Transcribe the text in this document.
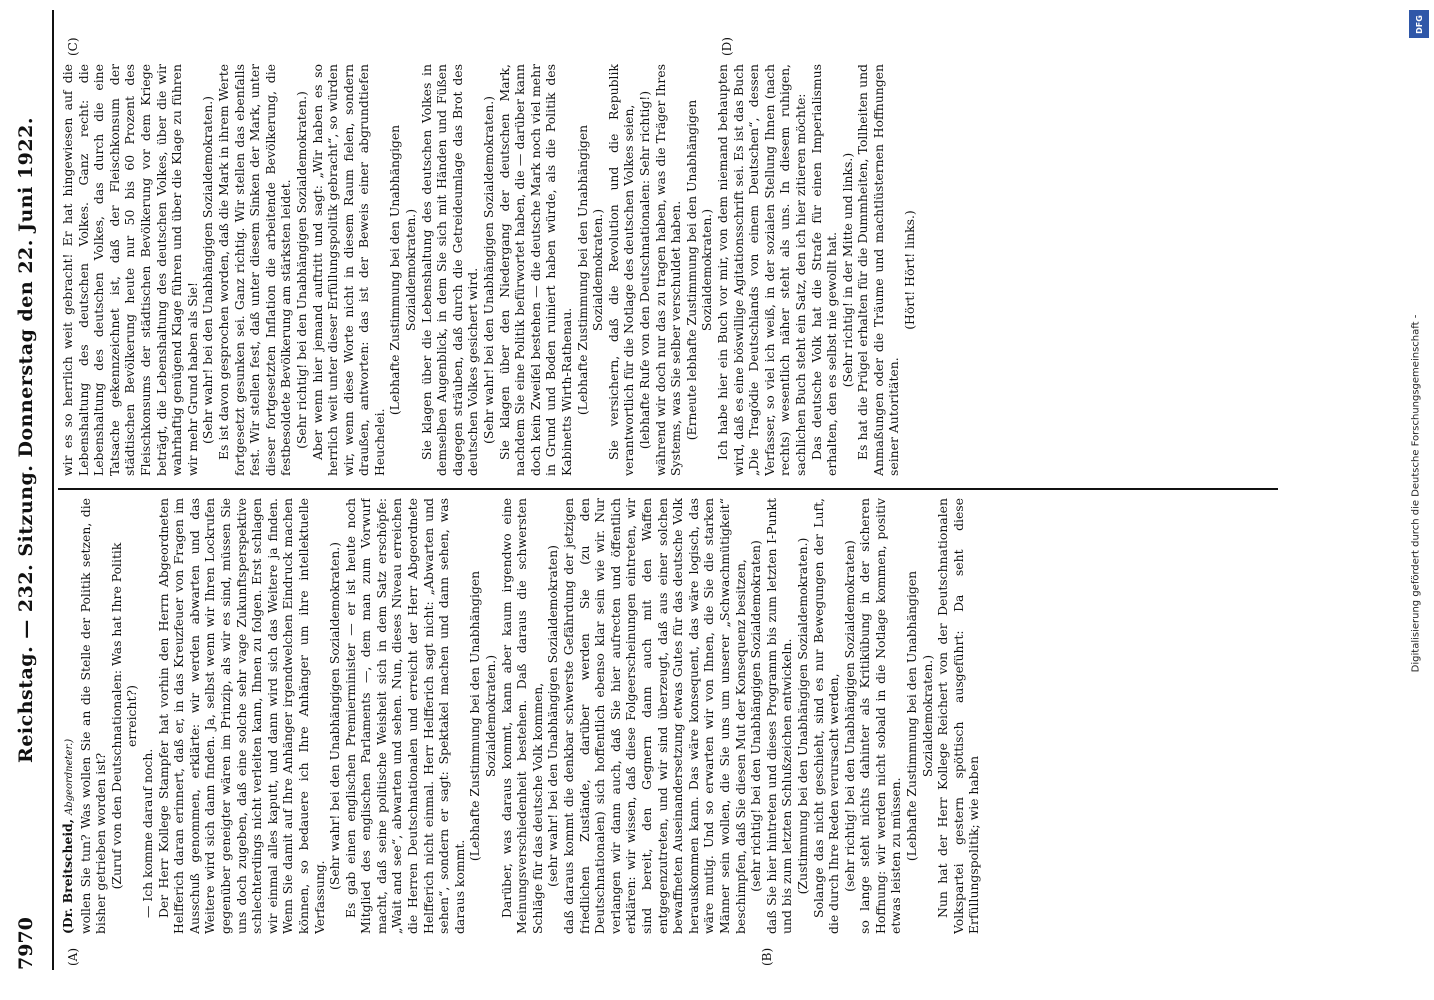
7970
Reichstag. — 232. Sitzung. Donnerstag den 22. Juni 1922.
(A)	(B)
(C)	(D)

(Dr. Breitscheid, Abgeordneter.) wollen Sie tun? Was wollen Sie an die Stelle der Politik setzen, die bisher getrieben worden ist? (Zuruf von den Deutschnationalen: Was hat Ihre Politik erreicht?)

— Ich komme darauf noch. Der Herr Kollege Stampfer hat vorhin den Herrn Abgeordneten Helfferich daran erinnert, daß er, in das Kreuzfeuer von Fragen im Ausschuß genommen, erklärte: wir werden abwarten und das Weitere wird sich dann finden. Ja, selbst wenn wir Ihren Lockrufen gegenüber geneigter wären im Prinzip, als wir es sind, müssen Sie uns doch zugeben, daß eine solche sehr vage Zukunftsperspektive schlechterdings nicht verleiten kann, Ihnen zu folgen. Erst schlagen wir einmal alles kaputt, und dann wird sich das Weitere ja finden. Wenn Sie damit auf Ihre Anhänger irgendwelchen Eindruck machen können, so bedauere ich Ihre Anhänger um ihre intellektuelle Verfassung.

(Sehr wahr! bei den Unabhängigen Sozialdemokraten.) Es gab einen englischen Premierminister — er ist heute noch Mitglied des englischen Parlaments —, dem man zum Vorwurf macht, daß seine politische Weisheit sich in dem Satz erschöpfe: „Wait and see“, abwarten und sehen. Nun, dieses Niveau erreichen die Herren Deutschnationalen und erreicht der Herr Abgeordnete Helfferich nicht einmal. Herr Helfferich sagt nicht: „Abwarten und sehen“, sondern er sagt: Spektakel machen und dann sehen, was daraus kommt.

(Lebhafte Zustimmung bei den Unabhängigen Sozialdemokraten.) Darüber, was daraus kommt, kann aber kaum irgendwo eine Meinungsverschiedenheit bestehen. Daß daraus die schwersten Schläge für das deutsche Volk kommen, (sehr wahr! bei den Unabhängigen Sozialdemokraten) daß daraus kommt die denkbar schwerste Gefährdung der jetzigen friedlichen Zustände, darüber werden Sie (zu den Deutschnationalen) sich hoffentlich ebenso klar sein wie wir. Nur verlangen wir dann auch, daß Sie hier aufrecten und öffentlich erklären: wir wissen, daß diese Folgeerscheinungen eintreten, wir sind bereit, den Gegnern dann auch mit den Waffen entgegenzutreten, und wir sind überzeugt, daß aus einer solchen bewaffneten Auseinandersetzung etwas Gutes für das deutsche Volk herauskommen kann. Das wäre konsequent, das wäre logisch, das wäre mutig. Und so erwarten wir von Ihnen, die Sie die starken Männer sein wollen, die Sie uns um unserer „Schwachmütigkeit“ beschimpfen, daß Sie diesen Mut der Konsequenz besitzen, (sehr richtig! bei den Unabhängigen Sozialdemokraten) daß Sie hier hintreten und dieses Programm bis zum letzten I-Punkt und bis zum letzten Schlußzeichen entwickeln. (Zustimmung bei den Unabhängigen Sozialdemokraten.) Solange das nicht geschieht, sind es nur Bewegungen der Luft, die durch Ihre Reden verursacht werden, (sehr richtig! bei den Unabhängigen Sozialdemokraten) so lange steht nichts dahinter als Kritikübung in der sicheren Hoffnung: wir werden nicht sobald in die Notlage kommen, positiv etwas leisten zu müssen. (Lebhafte Zustimmung bei den Unabhängigen Sozialdemokraten.) Nun hat der Herr Kollege Reichert von der Deutschnationalen Volkspartei gestern spöttisch ausgeführt: Da seht diese Erfüllungspolitik; wie haben

wir es so herrlich weit gebracht! Er hat hingewiesen auf die Lebenshaltung des deutschen Volkes. Ganz recht: die Lebenshaltung des deutschen Volkes, das durch die eine Tatsache gekennzeichnet ist, daß der Fleischkonsum der städtischen Bevölkerung heute nur 50 bis 60 Prozent des Fleischkonsums der städtischen Bevölkerung vor dem Kriege beträgt, die Lebenshaltung des deutschen Volkes, über die wir wahrhaftig genügend Klage führen und über die Klage zu führen wir mehr Grund haben als Sie! (Sehr wahr! bei den Unabhängigen Sozialdemokraten.) Es ist davon gesprochen worden, daß die Mark in ihrem Werte fortgesetzt gesunken sei. Ganz richtig. Wir stellen das ebenfalls fest. Wir stellen fest, daß unter diesem Sinken der Mark, unter dieser fortgesetzten Inflation die arbeitende Bevölkerung, die festbesoldete Bevölkerung am stärksten leidet. (Sehr richtig! bei den Unabhängigen Sozialdemokraten.) Aber wenn hier jemand auftritt und sagt: „Wir haben es so herrlich weit unter dieser Erfüllungspolitik gebracht“, so würden wir, wenn diese Worte nicht in diesem Raum fielen, sondern draußen, antworten: das ist der Beweis einer abgrundtiefen Heuchelei.

(Lebhafte Zustimmung bei den Unabhängigen Sozialdemokraten.) Sie klagen über die Lebenshaltung des deutschen Volkes in demselben Augenblick, in dem Sie sich mit Händen und Füßen dagegen sträuben, daß durch die Getreideumlage das Brot des deutschen Volkes gesichert wird. (Sehr wahr! bei den Unabhängigen Sozialdemokraten.) Sie klagen über den Niedergang der deutschen Mark, nachdem Sie eine Politik befürwortet haben, die — darüber kann doch kein Zweifel bestehen — die deutsche Mark noch viel mehr in Grund und Boden ruiniert haben würde, als die Politik des Kabinetts Wirth-Rathenau. (Lebhafte Zustimmung bei den Unabhängigen Sozialdemokraten.) Sie versichern, daß die Revolution und die Republik verantwortlich für die Notlage des deutschen Volkes seien, (lebhafte Rufe von den Deutschnationalen: Sehr richtig!) während wir doch nur das zu tragen haben, was die Träger Ihres Systems, was Sie selber verschuldet haben. (Erneute lebhafte Zustimmung bei den Unabhängigen Sozialdemokraten.) Ich habe hier ein Buch vor mir, von dem niemand behaupten wird, daß es eine böswillige Agitationsschrift sei. Es ist das Buch „Die Tragödie Deutschlands von einem Deutschen“, dessen Verfasser, so viel ich weiß, in der sozialen Stellung Ihnen (nach rechts) wesentlich näher steht als uns. In diesem ruhigen, sachlichen Buch steht ein Satz, den ich hier zitieren möchte: Das deutsche Volk hat die Strafe für einen Imperialismus erhalten, den es selbst nie gewollt hat. (Sehr richtig! in der Mitte und links.) Es hat die Prügel erhalten für die Dummheiten, Tollheiten und Anmaßungen oder die Träume und machtlüsternen Hoffnungen seiner Autoritäten.

(Hört! Hört! links.)

DFG
Digitalisierung gefördert durch die Deutsche Forschungsgemeinschaft -
